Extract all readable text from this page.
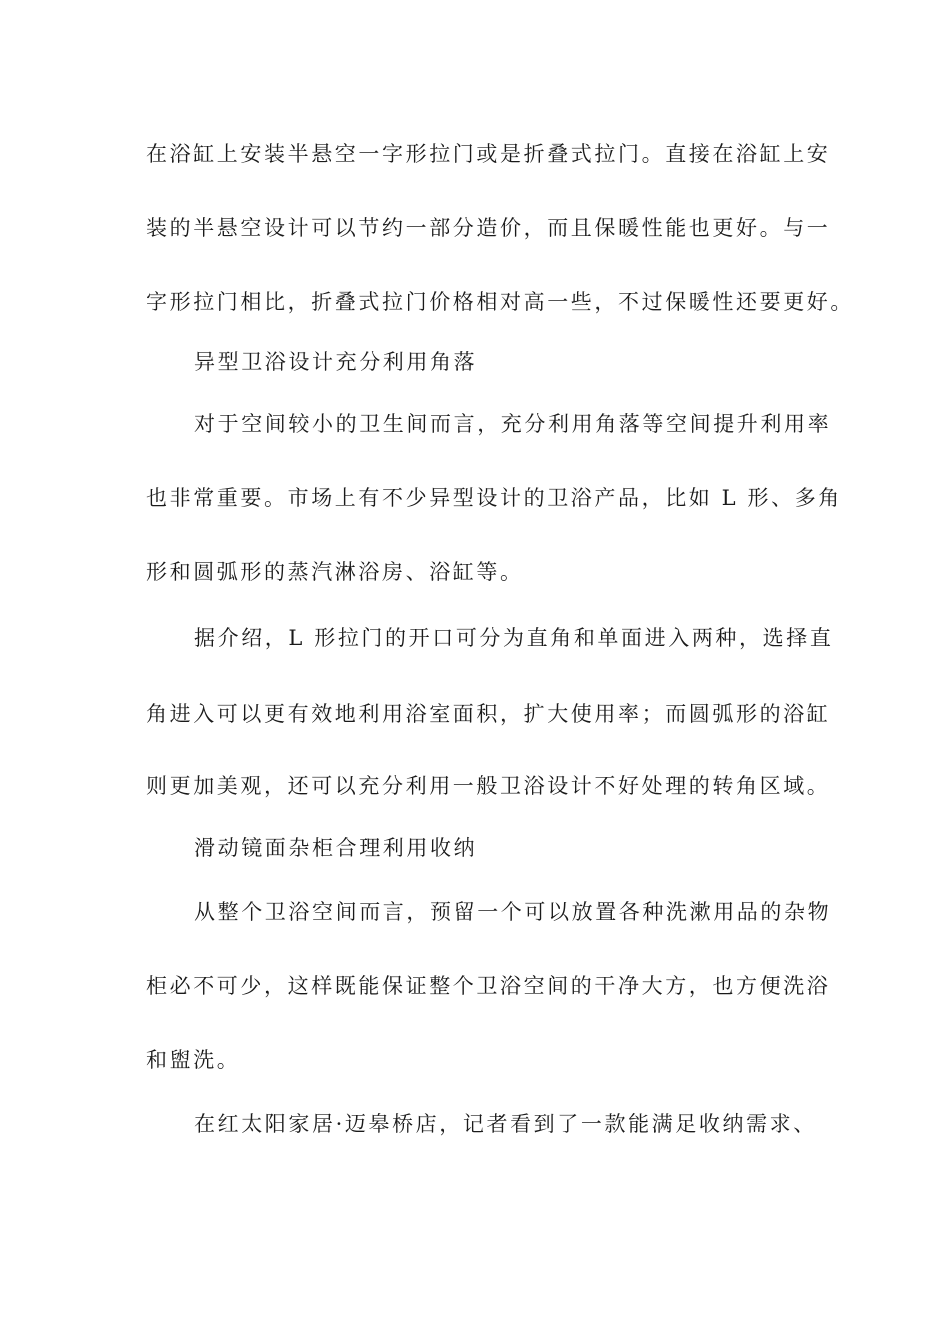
在浴缸上安装半悬空一字形拉门或是折叠式拉门。直接在浴缸上安
装的半悬空设计可以节约一部分造价，而且保暖性能也更好。与一
字形拉门相比，折叠式拉门价格相对高一些，不过保暖性还要更好。
异型卫浴设计充分利用角落
对于空间较小的卫生间而言，充分利用角落等空间提升利用率
也非常重要。市场上有不少异型设计的卫浴产品，比如 L 形、多角
形和圆弧形的蒸汽淋浴房、浴缸等。
据介绍，L 形拉门的开口可分为直角和单面进入两种，选择直
角进入可以更有效地利用浴室面积，扩大使用率；而圆弧形的浴缸
则更加美观，还可以充分利用一般卫浴设计不好处理的转角区域。
滑动镜面杂柜合理利用收纳
从整个卫浴空间而言，预留一个可以放置各种洗漱用品的杂物
柜必不可少，这样既能保证整个卫浴空间的干净大方，也方便洗浴
和盥洗。
在红太阳家居·迈皋桥店，记者看到了一款能满足收纳需求、
